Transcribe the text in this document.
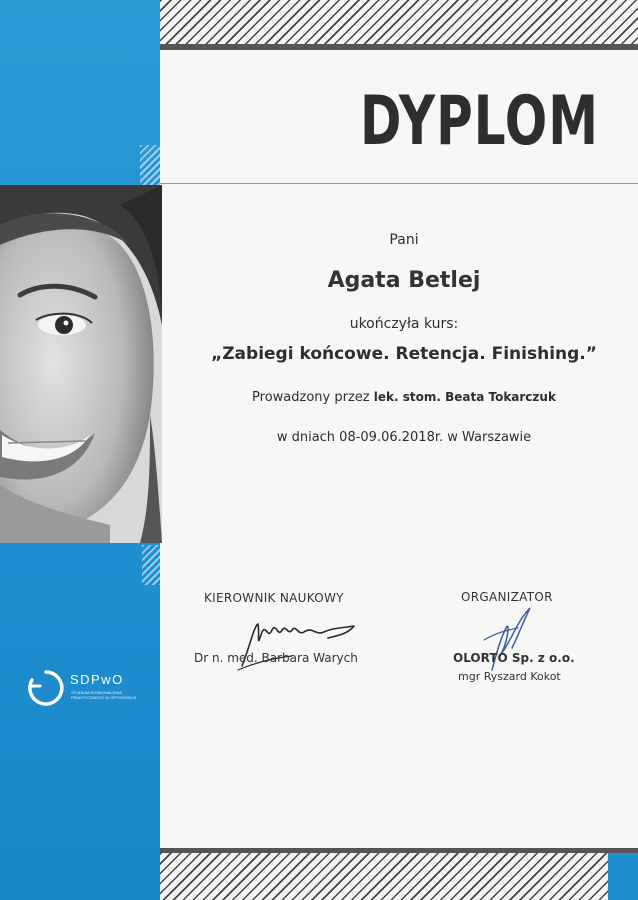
SDPwO
STUDIUM DOSKONALENIA PRAKTYCZNEGO W ORTODONCJI
DYPLOM
Pani
Agata Betlej
ukończyła kurs:
„Zabiegi końcowe. Retencja. Finishing.”
Prowadzony przez lek. stom. Beata Tokarczuk
w dniach 08-09.06.2018r. w Warszawie
KIEROWNIK NAUKOWY
Dr n. med. Barbara Warych
ORGANIZATOR
OLORTO Sp. z o.o.
mgr Ryszard Kokot
